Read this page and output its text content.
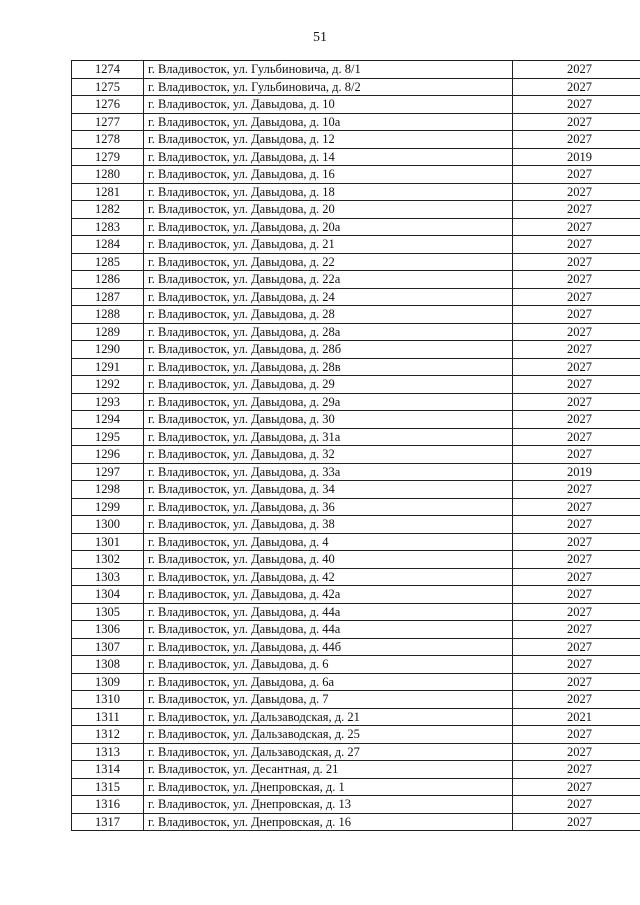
51
1274	г. Владивосток, ул. Гульбиновича, д. 8/1	2027
1275	г. Владивосток, ул. Гульбиновича, д. 8/2	2027
1276	г. Владивосток, ул. Давыдова, д. 10	2027
1277	г. Владивосток, ул. Давыдова, д. 10а	2027
1278	г. Владивосток, ул. Давыдова, д. 12	2027
1279	г. Владивосток, ул. Давыдова, д. 14	2019
1280	г. Владивосток, ул. Давыдова, д. 16	2027
1281	г. Владивосток, ул. Давыдова, д. 18	2027
1282	г. Владивосток, ул. Давыдова, д. 20	2027
1283	г. Владивосток, ул. Давыдова, д. 20а	2027
1284	г. Владивосток, ул. Давыдова, д. 21	2027
1285	г. Владивосток, ул. Давыдова, д. 22	2027
1286	г. Владивосток, ул. Давыдова, д. 22а	2027
1287	г. Владивосток, ул. Давыдова, д. 24	2027
1288	г. Владивосток, ул. Давыдова, д. 28	2027
1289	г. Владивосток, ул. Давыдова, д. 28а	2027
1290	г. Владивосток, ул. Давыдова, д. 28б	2027
1291	г. Владивосток, ул. Давыдова, д. 28в	2027
1292	г. Владивосток, ул. Давыдова, д. 29	2027
1293	г. Владивосток, ул. Давыдова, д. 29а	2027
1294	г. Владивосток, ул. Давыдова, д. 30	2027
1295	г. Владивосток, ул. Давыдова, д. 31а	2027
1296	г. Владивосток, ул. Давыдова, д. 32	2027
1297	г. Владивосток, ул. Давыдова, д. 33а	2019
1298	г. Владивосток, ул. Давыдова, д. 34	2027
1299	г. Владивосток, ул. Давыдова, д. 36	2027
1300	г. Владивосток, ул. Давыдова, д. 38	2027
1301	г. Владивосток, ул. Давыдова, д. 4	2027
1302	г. Владивосток, ул. Давыдова, д. 40	2027
1303	г. Владивосток, ул. Давыдова, д. 42	2027
1304	г. Владивосток, ул. Давыдова, д. 42а	2027
1305	г. Владивосток, ул. Давыдова, д. 44а	2027
1306	г. Владивосток, ул. Давыдова, д. 44а	2027
1307	г. Владивосток, ул. Давыдова, д. 44б	2027
1308	г. Владивосток, ул. Давыдова, д. 6	2027
1309	г. Владивосток, ул. Давыдова, д. 6а	2027
1310	г. Владивосток, ул. Давыдова, д. 7	2027
1311	г. Владивосток, ул. Дальзаводская, д. 21	2021
1312	г. Владивосток, ул. Дальзаводская, д. 25	2027
1313	г. Владивосток, ул. Дальзаводская, д. 27	2027
1314	г. Владивосток, ул. Десантная, д. 21	2027
1315	г. Владивосток, ул. Днепровская, д. 1	2027
1316	г. Владивосток, ул. Днепровская, д. 13	2027
1317	г. Владивосток, ул. Днепровская, д. 16	2027
